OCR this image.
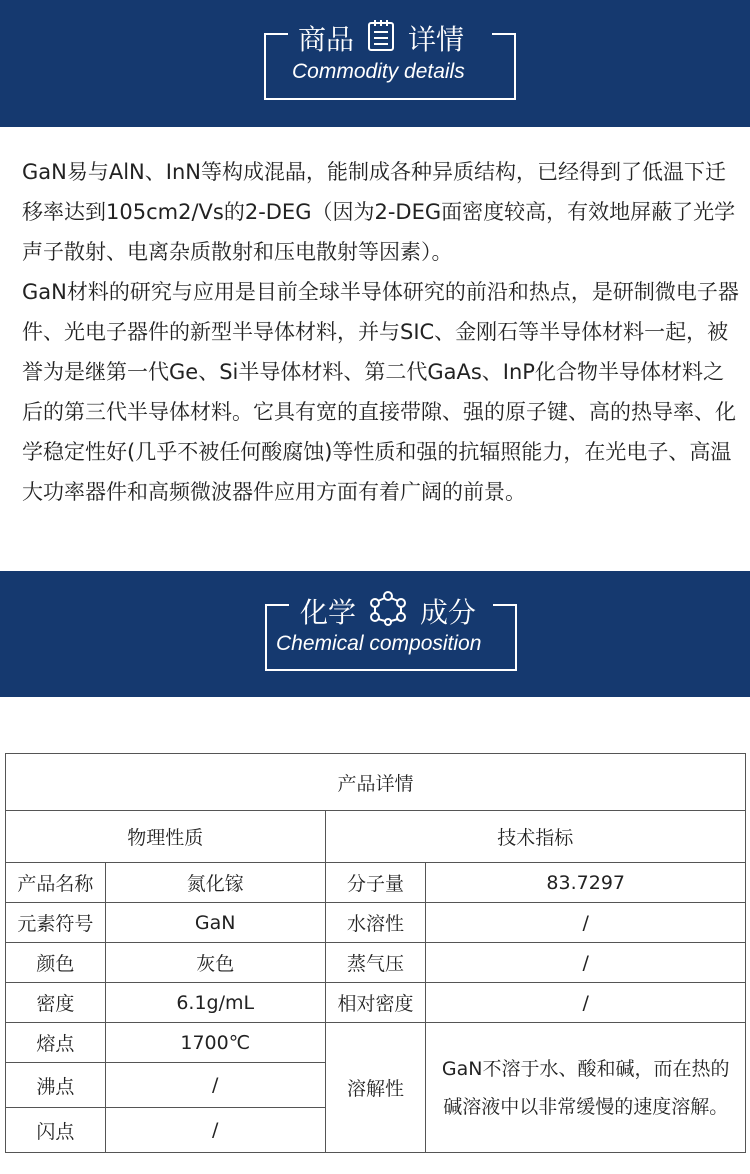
商品 详情
Commodity details

GaN易与AlN、InN等构成混晶，能制成各种异质结构，已经得到了低温下迁移率达到105cm2/Vs的2-DEG（因为2-DEG面密度较高，有效地屏蔽了光学声子散射、电离杂质散射和压电散射等因素）。

GaN材料的研究与应用是目前全球半导体研究的前沿和热点，是研制微电子器件、光电子器件的新型半导体材料，并与SIC、金刚石等半导体材料一起，被誉为是继第一代Ge、Si半导体材料、第二代GaAs、InP化合物半导体材料之后的第三代半导体材料。它具有宽的直接带隙、强的原子键、高的热导率、化学稳定性好(几乎不被任何酸腐蚀)等性质和强的抗辐照能力，在光电子、高温大功率器件和高频微波器件应用方面有着广阔的前景。

化学 成分
Chemical composition
产品详情			
物理性质		技术指标	
产品名称	氮化镓	分子量	83.7297
元素符号	GaN	水溶性	/
颜色	灰色	蒸气压	/
密度	6.1g/mL	相对密度	/
熔点	1700℃	溶解性	GaN不溶于水、酸和碱，而在热的碱溶液中以非常缓慢的速度溶解。
沸点	/		
闪点	/		
